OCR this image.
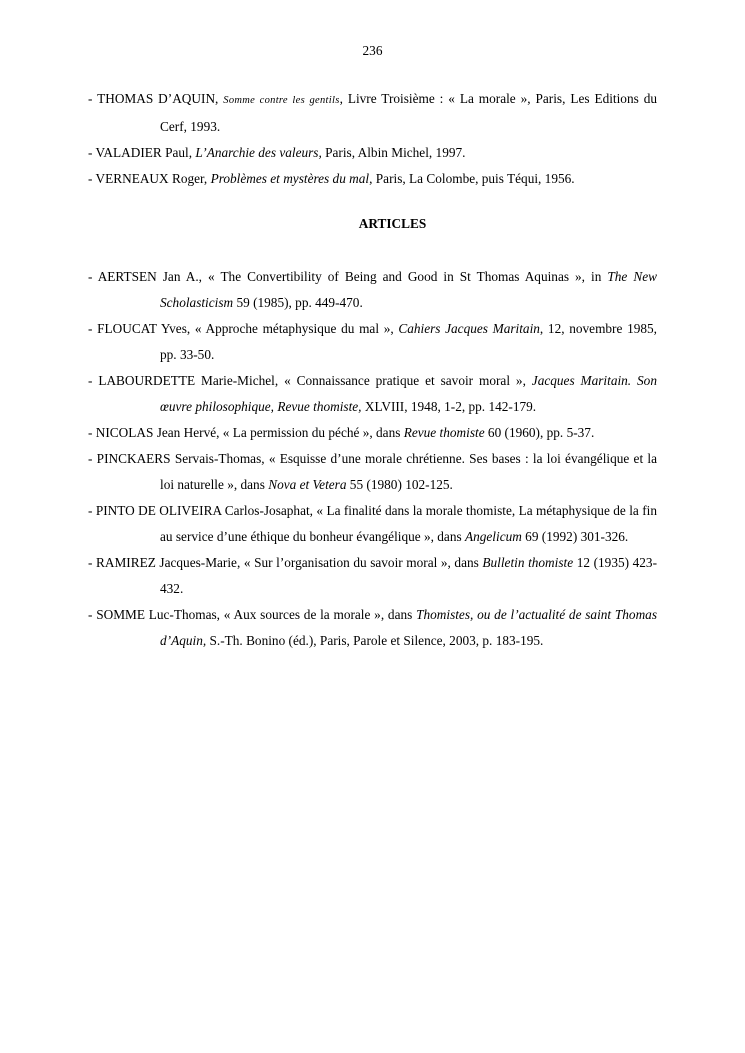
236

- THOMAS D’AQUIN, Somme contre les gentils, Livre Troisième : « La morale », Paris, Les Editions du Cerf, 1993.

- VALADIER Paul, L’Anarchie des valeurs, Paris, Albin Michel, 1997.

- VERNEAUX Roger, Problèmes et mystères du mal, Paris, La Colombe, puis Téqui, 1956.

ARTICLES

- AERTSEN Jan A., « The Convertibility of Being and Good in St Thomas Aquinas », in The New Scholasticism 59 (1985), pp. 449-470.

- FLOUCAT Yves, « Approche métaphysique du mal », Cahiers Jacques Maritain, 12, novembre 1985, pp. 33-50.

- LABOURDETTE Marie-Michel, « Connaissance pratique et savoir moral », Jacques Maritain. Son œuvre philosophique, Revue thomiste, XLVIII, 1948, 1-2, pp. 142-179.

- NICOLAS Jean Hervé, « La permission du péché », dans Revue thomiste 60 (1960), pp. 5-37.

- PINCKAERS Servais-Thomas, « Esquisse d’une morale chrétienne. Ses bases : la loi évangélique et la loi naturelle », dans Nova et Vetera 55 (1980) 102-125.

- PINTO DE OLIVEIRA Carlos-Josaphat, « La finalité dans la morale thomiste, La métaphysique de la fin au service d’une éthique du bonheur évangélique », dans Angelicum 69 (1992) 301-326.

- RAMIREZ Jacques-Marie, « Sur l’organisation du savoir moral », dans Bulletin thomiste 12 (1935) 423-432.

- SOMME Luc-Thomas, « Aux sources de la morale », dans Thomistes, ou de l’actualité de saint Thomas d’Aquin, S.-Th. Bonino (éd.), Paris, Parole et Silence, 2003, p. 183-195.
